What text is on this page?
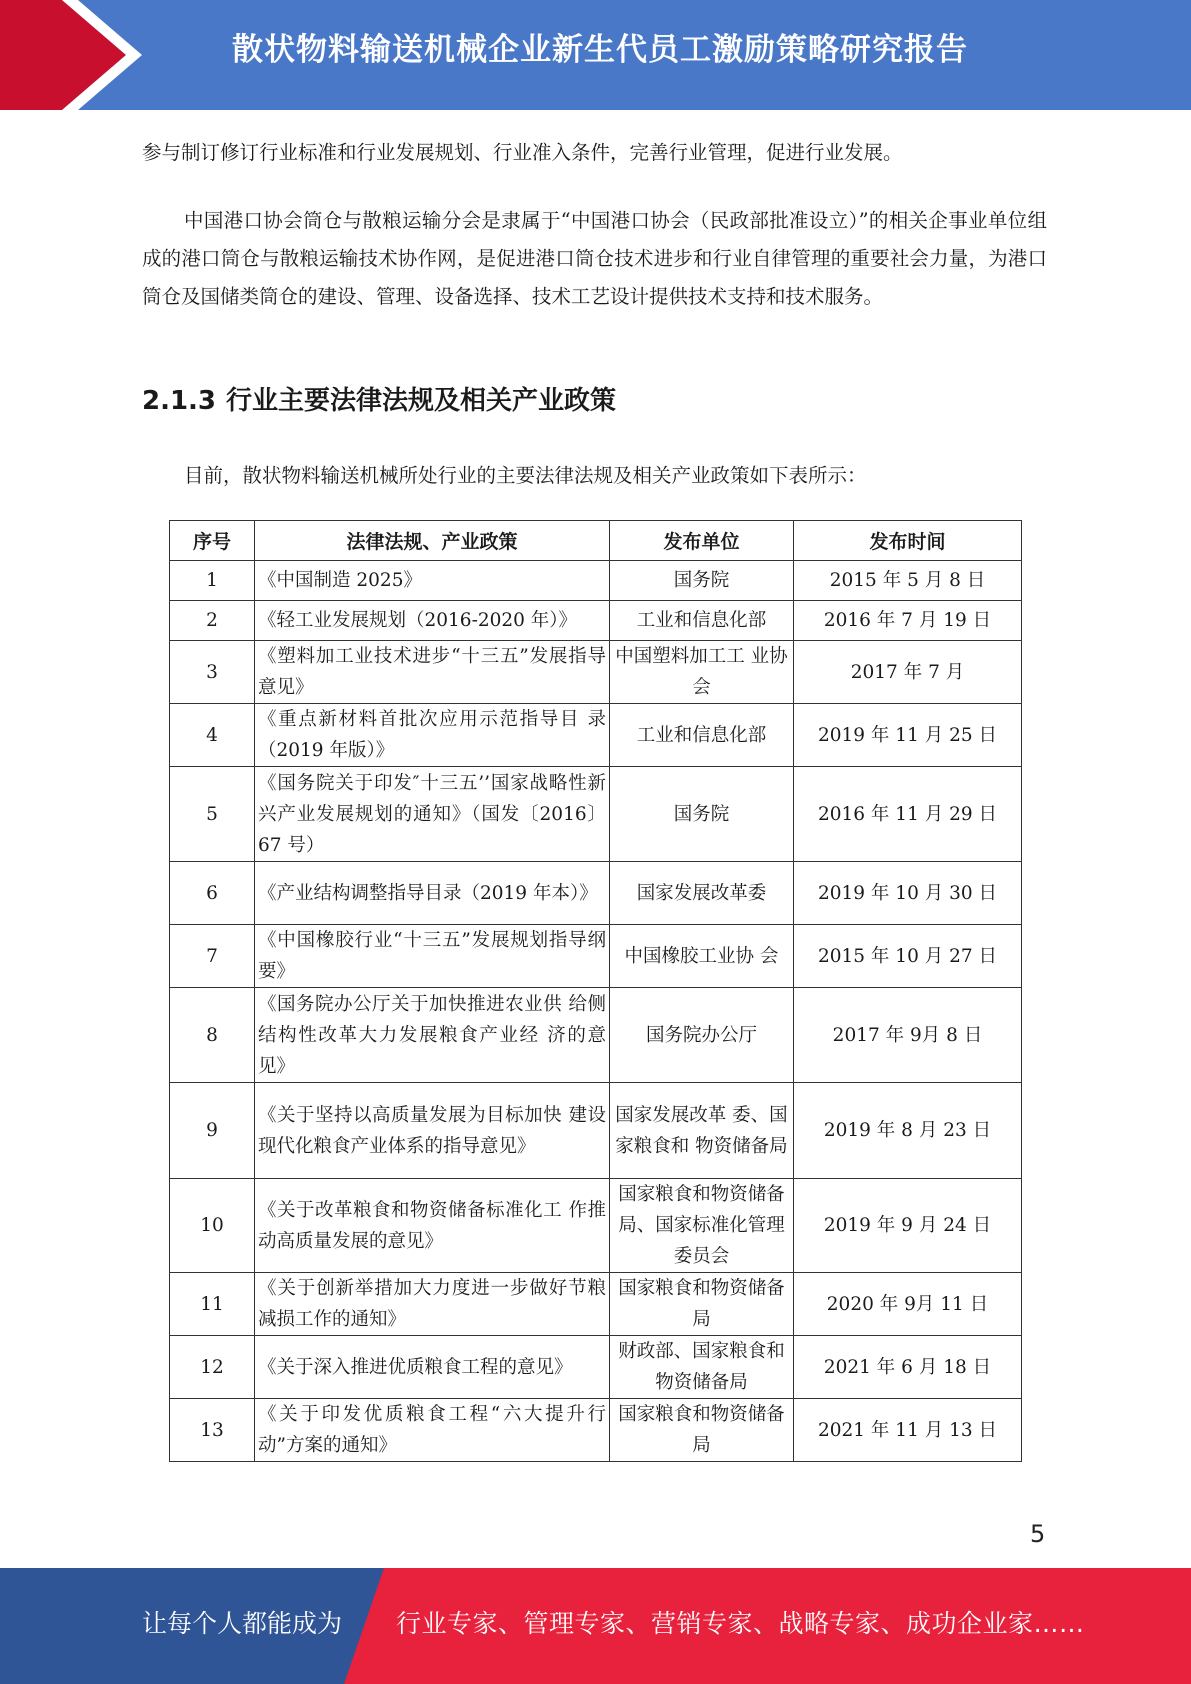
散状物料输送机械企业新生代员工激励策略研究报告

参与制订修订行业标准和行业发展规划、行业准入条件，完善行业管理，促进行业发展。

中国港口协会筒仓与散粮运输分会是隶属于“中国港口协会（民政部批准设立）”的相关企事业单位组成的港口筒仓与散粮运输技术协作网，是促进港口筒仓技术进步和行业自律管理的重要社会力量，为港口筒仓及国储类筒仓的建设、管理、设备选择、技术工艺设计提供技术支持和技术服务。

2.1.3 行业主要法律法规及相关产业政策

目前，散状物料输送机械所处行业的主要法律法规及相关产业政策如下表所示：

序号	法律法规、产业政策	发布单位	发布时间
1	《中国制造 2025》	国务院	2015 年 5 月 8 日
2	《轻工业发展规划（2016-2020 年）》	工业和信息化部	2016 年 7 月 19 日
3	《塑料加工业技术进步“十三五”发展指导意见》	中国塑料加工工 业协会	2017 年 7 月
4	《重点新材料首批次应用示范指导目 录（2019 年版）》	工业和信息化部	2019 年 11 月 25 日
5	《国务院关于印发″十三五’’国家战略性新兴产业发展规划的通知》（国发〔2016〕 67 号）	国务院	2016 年 11 月 29 日
6	《产业结构调整指导目录（2019 年本）》	国家发展改革委	2019 年 10 月 30 日
7	《中国橡胶行业“十三五”发展规划指导纲要》	中国橡胶工业协 会	2015 年 10 月 27 日
8	《国务院办公厅关于加快推进农业供 给侧结构性改革大力发展粮食产业经 济的意见》	国务院办公厅	2017 年 9月 8 日
9	《关于坚持以高质量发展为目标加快 建设现代化粮食产业体系的指导意见》	国家发展改革 委、国家粮食和 物资储备局	2019 年 8 月 23 日
10	《关于改革粮食和物资储备标准化工 作推动高质量发展的意见》	国家粮食和物资储备局、国家标准化管理委员会	2019 年 9 月 24 日
11	《关于创新举措加大力度进一步做好节粮减损工作的通知》	国家粮食和物资储备局	2020 年 9月 11 日
12	《关于深入推进优质粮食工程的意见》	财政部、国家粮食和物资储备局	2021 年 6 月 18 日
13	《关于印发优质粮食工程“六大提升行动”方案的通知》	国家粮食和物资储备局	2021 年 11 月 13 日
5
让每个人都能成为 行业专家、管理专家、营销专家、战略专家、成功企业家……
